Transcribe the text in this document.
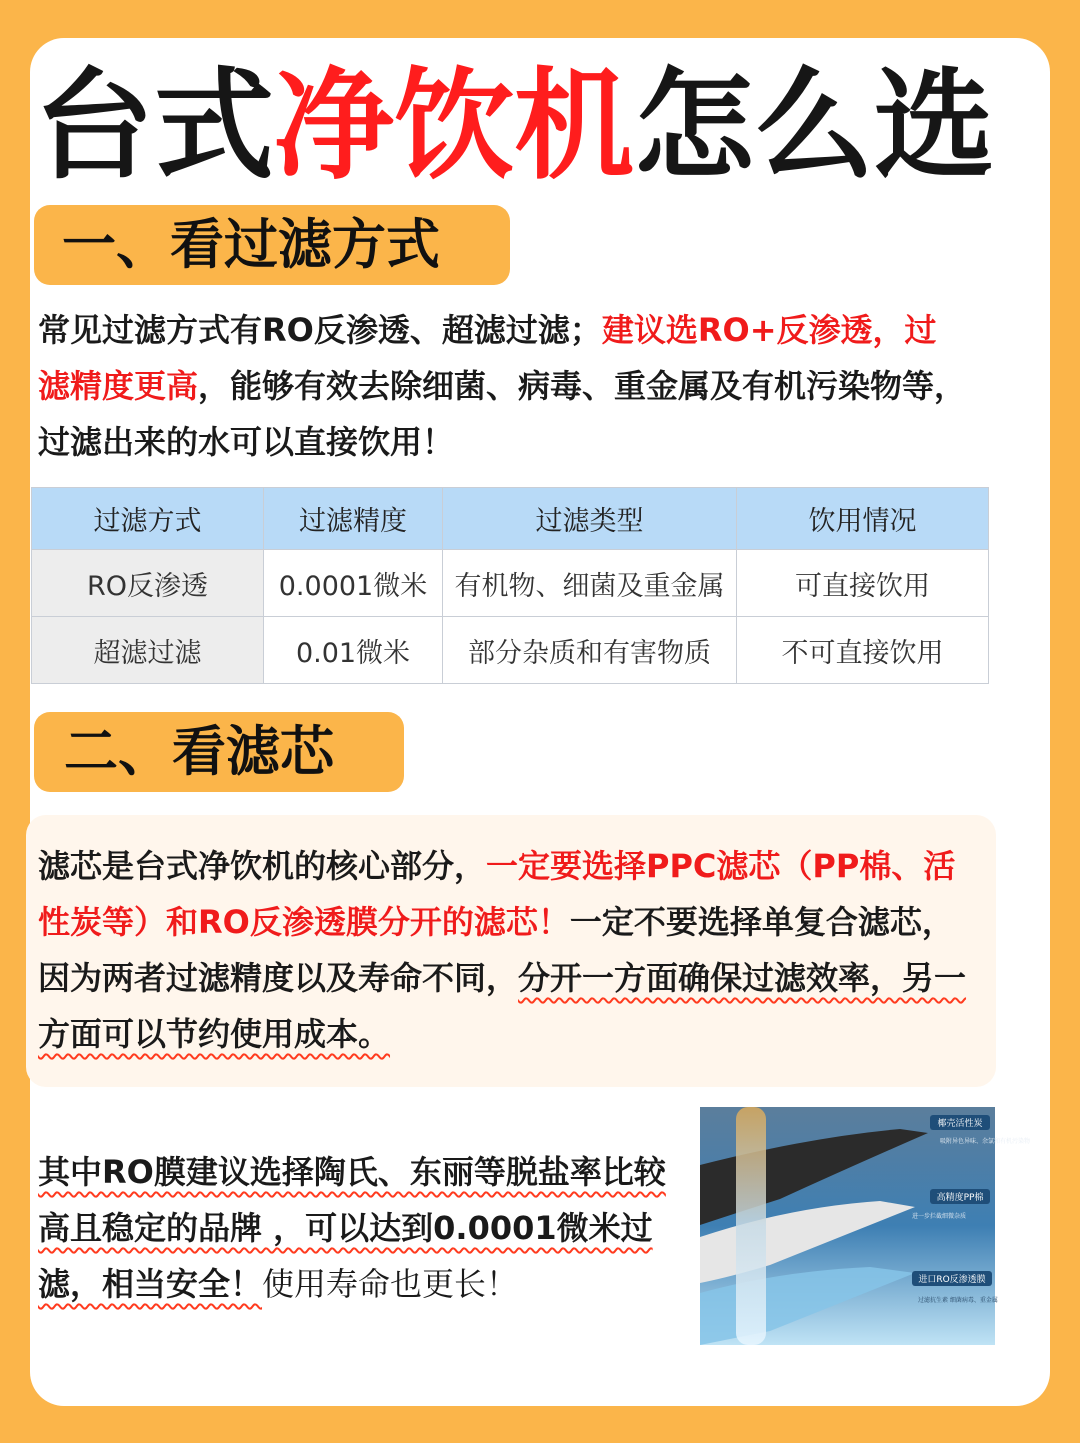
台式净饮机怎么选
一、看过滤方式
常见过滤方式有RO反渗透、超滤过滤；建议选RO+反渗透，过滤精度更高，能够有效去除细菌、病毒、重金属及有机污染物等，过滤出来的水可以直接饮用！
过滤方式	过滤精度	过滤类型	饮用情况
RO反渗透	0.0001微米	有机物、细菌及重金属	可直接饮用
超滤过滤	0.01微米	部分杂质和有害物质	不可直接饮用
二、看滤芯
滤芯是台式净饮机的核心部分，一定要选择PPC滤芯（PP棉、活性炭等）和RO反渗透膜分开的滤芯！一定不要选择单复合滤芯，因为两者过滤精度以及寿命不同，分开一方面确保过滤效率，另一方面可以节约使用成本。
其中RO膜建议选择陶氏、东丽等脱盐率比较高且稳定的品牌 ，可以达到0.0001微米过滤，相当安全！使用寿命也更长！
椰壳活性炭
吸附异色异味、余氯和有机污染物
高精度PP棉
进一步拦截细微杂质
进口RO反渗透膜
过滤抗生素 细菌病毒、重金属
